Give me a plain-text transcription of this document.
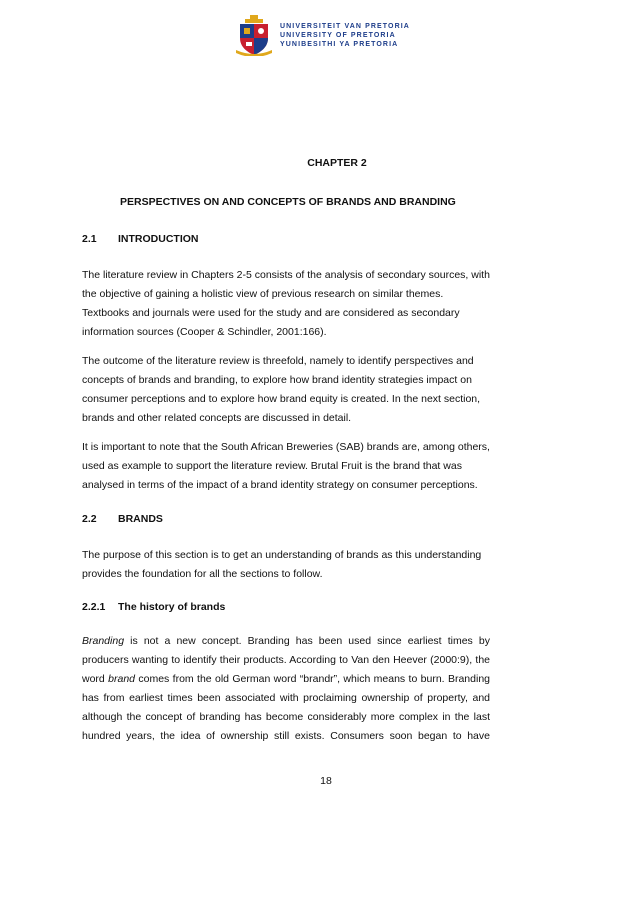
UNIVERSITEIT VAN PRETORIA
UNIVERSITY OF PRETORIA
YUNIBESITHI YA PRETORIA
CHAPTER 2
PERSPECTIVES ON AND CONCEPTS OF BRANDS AND BRANDING
2.1 INTRODUCTION

The literature review in Chapters 2-5 consists of the analysis of secondary sources, with
the objective of gaining a holistic view of previous research on similar themes.
Textbooks and journals were used for the study and are considered as secondary
information sources (Cooper & Schindler, 2001:166).

The outcome of the literature review is threefold, namely to identify perspectives and
concepts of brands and branding, to explore how brand identity strategies impact on
consumer perceptions and to explore how brand equity is created. In the next section,
brands and other related concepts are discussed in detail.

It is important to note that the South African Breweries (SAB) brands are, among others,
used as example to support the literature review. Brutal Fruit is the brand that was
analysed in terms of the impact of a brand identity strategy on consumer perceptions.

2.2 BRANDS

The purpose of this section is to get an understanding of brands as this understanding
provides the foundation for all the sections to follow.

2.2.1 The history of brands

Branding is not a new concept. Branding has been used since earliest times by
producers wanting to identify their products. According to Van den Heever (2000:9), the
word brand comes from the old German word “brandr”, which means to burn. Branding
has from earliest times been associated with proclaiming ownership of property, and
although the concept of branding has become considerably more complex in the last
hundred years, the idea of ownership still exists. Consumers soon began to have

18
